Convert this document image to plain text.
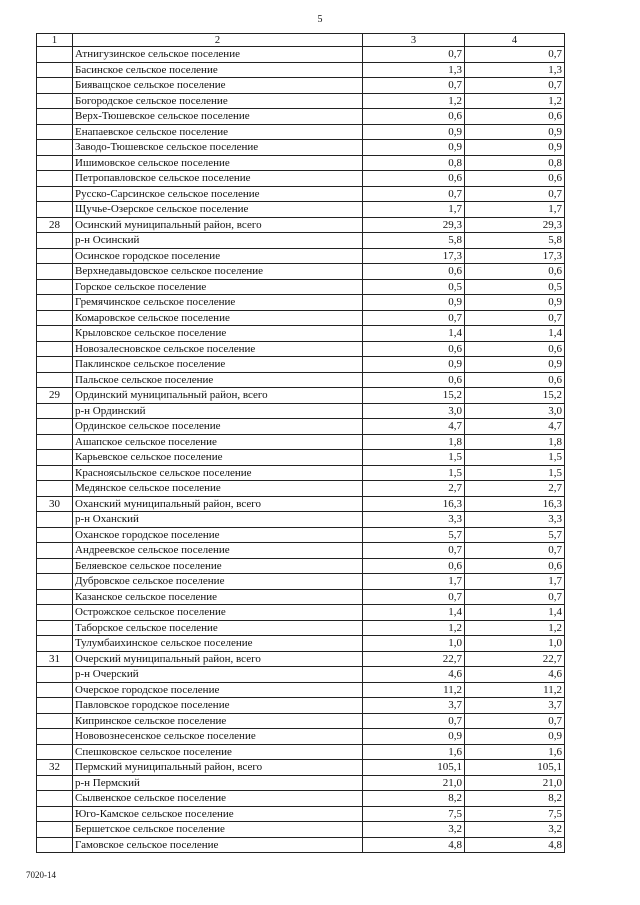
5
1	2	3	4
	Атнигузинское сельское поселение	0,7	0,7
	Басинское сельское поселение	1,3	1,3
	Бияващское сельское поселение	0,7	0,7
	Богородское сельское поселение	1,2	1,2
	Верх-Тюшевское сельское поселение	0,6	0,6
	Енапаевское сельское поселение	0,9	0,9
	Заводо-Тюшевское сельское поселение	0,9	0,9
	Ишимовское сельское поселение	0,8	0,8
	Петропавловское сельское поселение	0,6	0,6
	Русско-Сарсинское сельское поселение	0,7	0,7
	Щучье-Озерское сельское поселение	1,7	1,7
28	Осинский муниципальный район, всего	29,3	29,3
	р-н Осинский	5,8	5,8
	Осинское городское поселение	17,3	17,3
	Верхнедавыдовское сельское поселение	0,6	0,6
	Горское сельское поселение	0,5	0,5
	Гремячинское сельское поселение	0,9	0,9
	Комаровское сельское поселение	0,7	0,7
	Крыловское сельское поселение	1,4	1,4
	Новозалесновское сельское поселение	0,6	0,6
	Паклинское сельское поселение	0,9	0,9
	Пальское сельское поселение	0,6	0,6
29	Ординский муниципальный район, всего	15,2	15,2
	р-н Ординский	3,0	3,0
	Ординское сельское поселение	4,7	4,7
	Ашапское сельское поселение	1,8	1,8
	Карьевское сельское поселение	1,5	1,5
	Красноясыльское сельское поселение	1,5	1,5
	Медянское сельское поселение	2,7	2,7
30	Оханский муниципальный район, всего	16,3	16,3
	р-н Оханский	3,3	3,3
	Оханское городское поселение	5,7	5,7
	Андреевское сельское поселение	0,7	0,7
	Беляевское сельское поселение	0,6	0,6
	Дубровское сельское поселение	1,7	1,7
	Казанское сельское поселение	0,7	0,7
	Острожское сельское поселение	1,4	1,4
	Таборское сельское поселение	1,2	1,2
	Тулумбаихинское сельское поселение	1,0	1,0
31	Очерский муниципальный район, всего	22,7	22,7
	р-н Очерский	4,6	4,6
	Очерское городское поселение	11,2	11,2
	Павловское городское поселение	3,7	3,7
	Кипринское сельское поселение	0,7	0,7
	Нововознесенское сельское поселение	0,9	0,9
	Спешковское сельское поселение	1,6	1,6
32	Пермский муниципальный район, всего	105,1	105,1
	р-н Пермский	21,0	21,0
	Сылвенское сельское поселение	8,2	8,2
	Юго-Камское сельское поселение	7,5	7,5
	Бершетское сельское поселение	3,2	3,2
	Гамовское сельское поселение	4,8	4,8
7020-14
